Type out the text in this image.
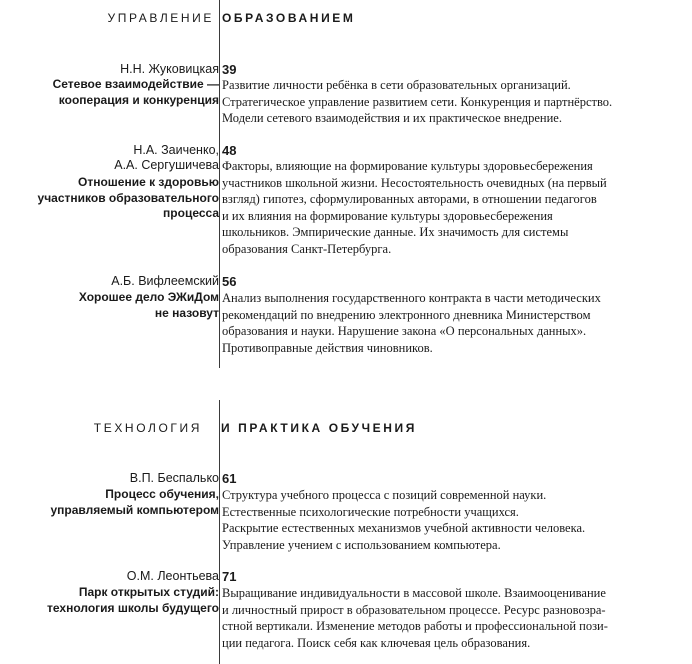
УПРАВЛЕНИЕ ОБРАЗОВАНИЕМ
Н.Н. Жуковицкая
Сетевое взаимодействие —
кооперация и конкуренция
39
Развитие личности ребёнка в сети образовательных организаций.
Стратегическое управление развитием сети. Конкуренция и партнёрство.
Модели сетевого взаимодействия и их практическое внедрение.
Н.А. Заиченко,
А.А. Сергушичева
Отношение к здоровью
участников образовательного
процесса
48
Факторы, влияющие на формирование культуры здоровьесбережения
участников школьной жизни. Несостоятельность очевидных (на первый
взгляд) гипотез, сформулированных авторами, в отношении педагогов
и их влияния на формирование культуры здоровьесбережения
школьников. Эмпирические данные. Их значимость для системы
образования Санкт-Петербурга.
А.Б. Вифлеемский
Хорошее дело ЭЖиДом
не назовут
56
Анализ выполнения государственного контракта в части методических
рекомендаций по внедрению электронного дневника Министерством
образования и науки. Нарушение закона «О персональных данных».
Противоправные действия чиновников.
ТЕХНОЛОГИЯ И ПРАКТИКА ОБУЧЕНИЯ
В.П. Беспалько
Процесс обучения,
управляемый компьютером
61
Структура учебного процесса с позиций современной науки.
Естественные психологические потребности учащихся.
Раскрытие естественных механизмов учебной активности человека.
Управление учением с использованием компьютера.
О.М. Леонтьева
Парк открытых студий:
технология школы будущего
71
Выращивание индивидуальности в массовой школе. Взаимооценивание
и личностный прирост в образовательном процессе. Ресурс разновозра-
стной вертикали. Изменение методов работы и профессиональной пози-
ции педагога. Поиск себя как ключевая цель образования.
